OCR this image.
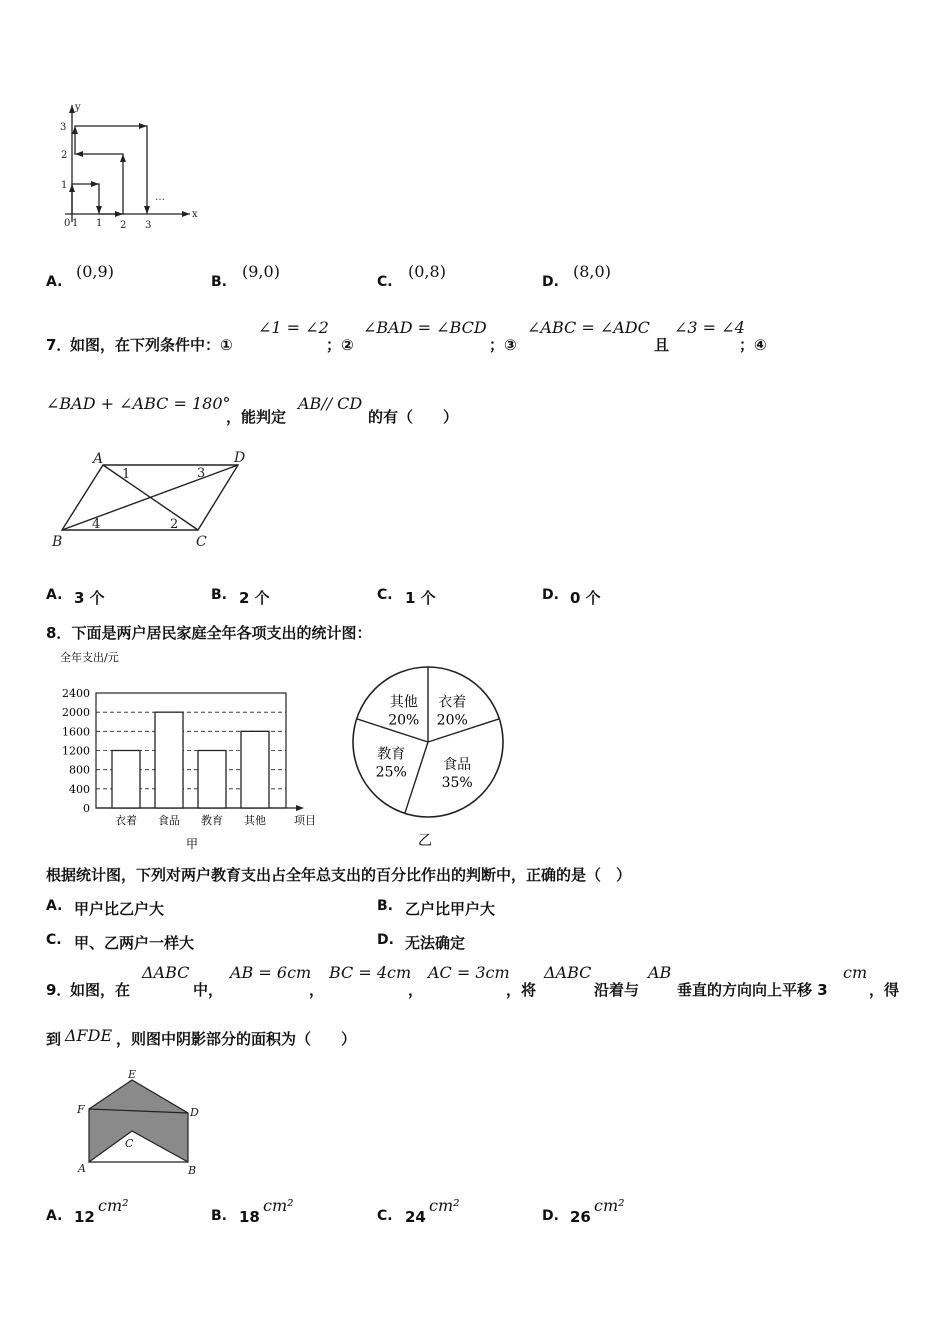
y
x
0 1 1 2 3
1
2
3
…
A.
(0,9)
B.
(9,0)
C.
(0,8)
D.
(8,0)
7．
如图，在下列条件中：①
∠1 = ∠2
；②
∠BAD = ∠BCD
；③
∠ABC = ∠ADC
且
∠3 = ∠4
；④
∠BAD + ∠ABC = 180°
，能判定
AB// CD
的有（　　）
A	D
B	C
1
2
3
4
A. 3 个	B. 2 个	C. 1 个	D. 0 个
8．下面是两户居民家庭全年各项支出的统计图：
全年支出/元
0
400
800
1200
1600
2000
2400
衣着 食品 教育 其他	项目
甲
其他
20%
衣着
20%
食品
35%
教育
25%
乙
根据统计图，下列对两户教育支出占全年总支出的百分比作出的判断中，正确的是（　）
A. 甲户比乙户大	B. 乙户比甲户大
C. 甲、乙两户一样大	D. 无法确定
9．
如图，在
ΔABC
中，
AB = 6cm
，
BC = 4cm
，
AC = 3cm
，将
ΔABC
沿着与
AB
垂直的方向向上平移 3
cm
，得
到 ΔFDE ，则图中阴影部分的面积为（　　）
E
F	D
C
A	B
A. 12
cm²
B. 18
cm²
C. 24
cm²
D. 26
cm²
